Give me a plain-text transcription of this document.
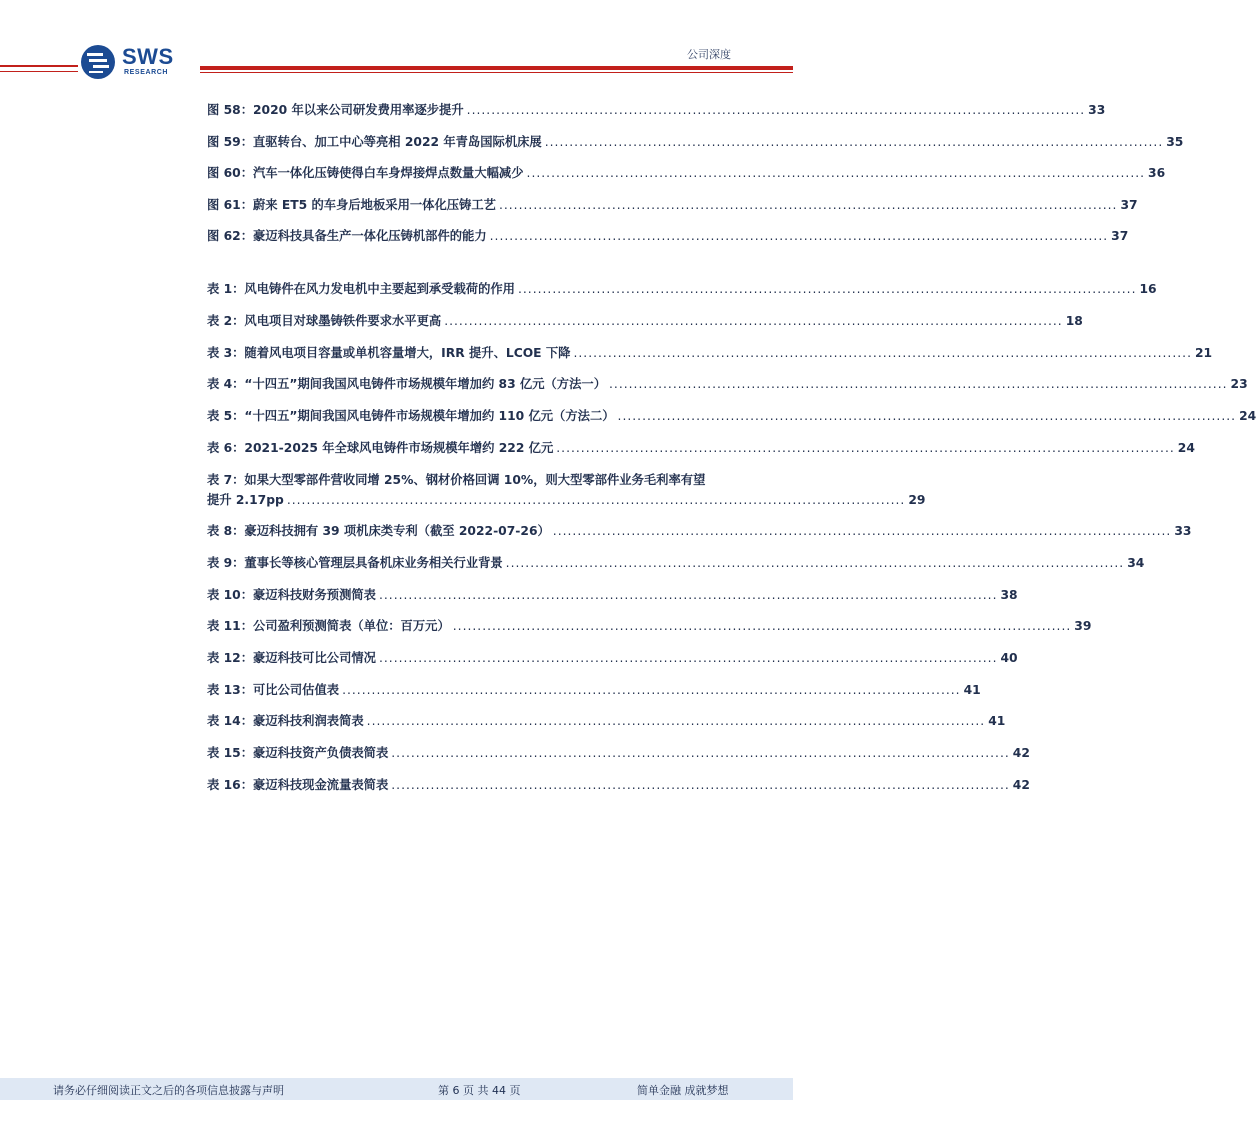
SWS
RESEARCH
公司深度
图 58：2020 年以来公司研发费用率逐步提升 .............................................................................................................................. 33
图 59：直驱转台、加工中心等亮相 2022 年青岛国际机床展 .............................................................................................................................. 35
图 60：汽车一体化压铸使得白车身焊接焊点数量大幅减少 .............................................................................................................................. 36
图 61：蔚来 ET5 的车身后地板采用一体化压铸工艺 .............................................................................................................................. 37
图 62：豪迈科技具备生产一体化压铸机部件的能力 .............................................................................................................................. 37
表 1：风电铸件在风力发电机中主要起到承受载荷的作用 .............................................................................................................................. 16
表 2：风电项目对球墨铸铁件要求水平更高 .............................................................................................................................. 18
表 3：随着风电项目容量或单机容量增大，IRR 提升、LCOE 下降 .............................................................................................................................. 21
表 4：“十四五”期间我国风电铸件市场规模年增加约 83 亿元（方法一） .............................................................................................................................. 23
表 5：“十四五”期间我国风电铸件市场规模年增加约 110 亿元（方法二） .............................................................................................................................. 24
表 6：2021-2025 年全球风电铸件市场规模年增约 222 亿元 .............................................................................................................................. 24
表 7：如果大型零部件营收同增 25%、钢材价格回调 10%，则大型零部件业务毛利率有望
提升 2.17pp .............................................................................................................................. 29
表 8：豪迈科技拥有 39 项机床类专利（截至 2022-07-26） .............................................................................................................................. 33
表 9：董事长等核心管理层具备机床业务相关行业背景 .............................................................................................................................. 34
表 10：豪迈科技财务预测简表 .............................................................................................................................. 38
表 11：公司盈利预测简表（单位：百万元） .............................................................................................................................. 39
表 12：豪迈科技可比公司情况 .............................................................................................................................. 40
表 13：可比公司估值表 .............................................................................................................................. 41
表 14：豪迈科技利润表简表 .............................................................................................................................. 41
表 15：豪迈科技资产负债表简表 .............................................................................................................................. 42
表 16：豪迈科技现金流量表简表 .............................................................................................................................. 42
请务必仔细阅读正文之后的各项信息披露与声明	第 6 页 共 44 页	简单金融 成就梦想
